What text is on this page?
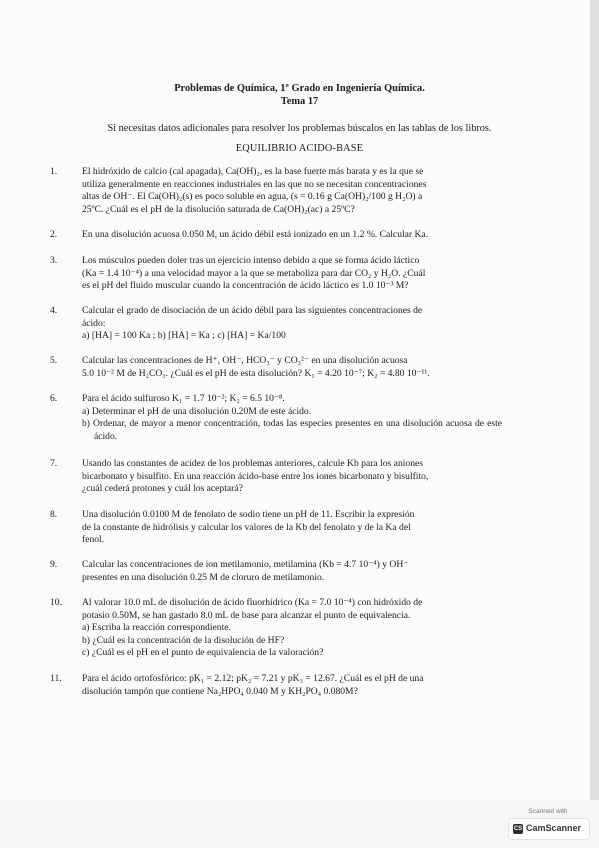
Problemas de Química, 1º Grado en Ingeniería Química.
Tema 17
Si necesitas datos adicionales para resolver los problemas búscalos en las tablas de los libros.
EQUILIBRIO ACIDO-BASE
1.	El hidróxido de calcio (cal apagada), Ca(OH)₂, es la base fuerte más barata y es la que se
utiliza generalmente en reacciones industriales en las que no se necesitan concentraciones
altas de OH⁻. El Ca(OH)₂(s) es poco soluble en agua, (s = 0.16 g Ca(OH)₂/100 g H₂O) a
25ºC. ¿Cuál es el pH de la disolución saturada de Ca(OH)₂(ac) a 25ºC?
2.	En una disolución acuosa 0.050 M, un ácido débil está ionizado en un 1.2 %. Calcular Ka.
3.	Los músculos pueden doler tras un ejercicio intenso debido a que se forma ácido láctico
(Ka = 1.4 10⁻⁴) a una velocidad mayor a la que se metaboliza para dar CO₂ y H₂O. ¿Cuál
es el pH del fluido muscular cuando la concentración de ácido láctico es 1.0 10⁻³ M?
4.	Calcular el grado de disociación de un ácido débil para las siguientes concentraciones de
ácido:
a) [HA] = 100 Ka ; b) [HA] = Ka ; c) [HA] = Ka/100
5.	Calcular las concentraciones de H⁺, OH⁻, HCO₃⁻ y CO₃²⁻ en una disolución acuosa
5.0 10⁻² M de H₂CO₃. ¿Cuál es el pH de esta disolución? K₁ = 4.20 10⁻⁷; K₂ = 4.80 10⁻¹¹.
6.	Para el ácido sulfuroso K₁ = 1.7 10⁻²; K₂ = 6.5 10⁻⁸.
a) Determinar el pH de una disolución 0.20M de este ácido.
b) Ordenar, de mayor a menor concentración, todas las especies presentes en una disolución acuosa de este ácido.
7.	Usando las constantes de acidez de los problemas anteriores, calcule Kb para los aniones
bicarbonato y bisulfito. En una reacción ácido-base entre los iones bicarbonato y bisulfito,
¿cuál cederá protones y cuál los aceptará?
8.	Una disolución 0.0100 M de fenolato de sodio tiene un pH de 11. Escribir la expresión
de la constante de hidrólisis y calcular los valores de la Kb del fenolato y de la Ka del
fenol.
9.	Calcular las concentraciones de ion metilamonio, metilamina (Kb = 4.7 10⁻⁴) y OH⁻
presentes en una disolución 0.25 M de cloruro de metilamonio.
10. Al valorar 10.0 mL de disolución de ácido fluorhídrico (Ka = 7.0 10⁻⁴) con hidróxido de
potasio 0.50M, se han gastado 8.0 mL de base para alcanzar el punto de equivalencia.
a) Escriba la reacción correspondiente.
b) ¿Cuál es la concentración de la disolución de HF?
c) ¿Cuál es el pH en el punto de equivalencia de la valoración?
11. Para el ácido ortofosfórico: pK₁ = 2.12; pK₂ = 7.21 y pK₃ = 12.67. ¿Cuál es el pH de una
disolución tampón que contiene Na₂HPO₄ 0.040 M y KH₂PO₄ 0.080M?
Scanned with
CS CamScanner
